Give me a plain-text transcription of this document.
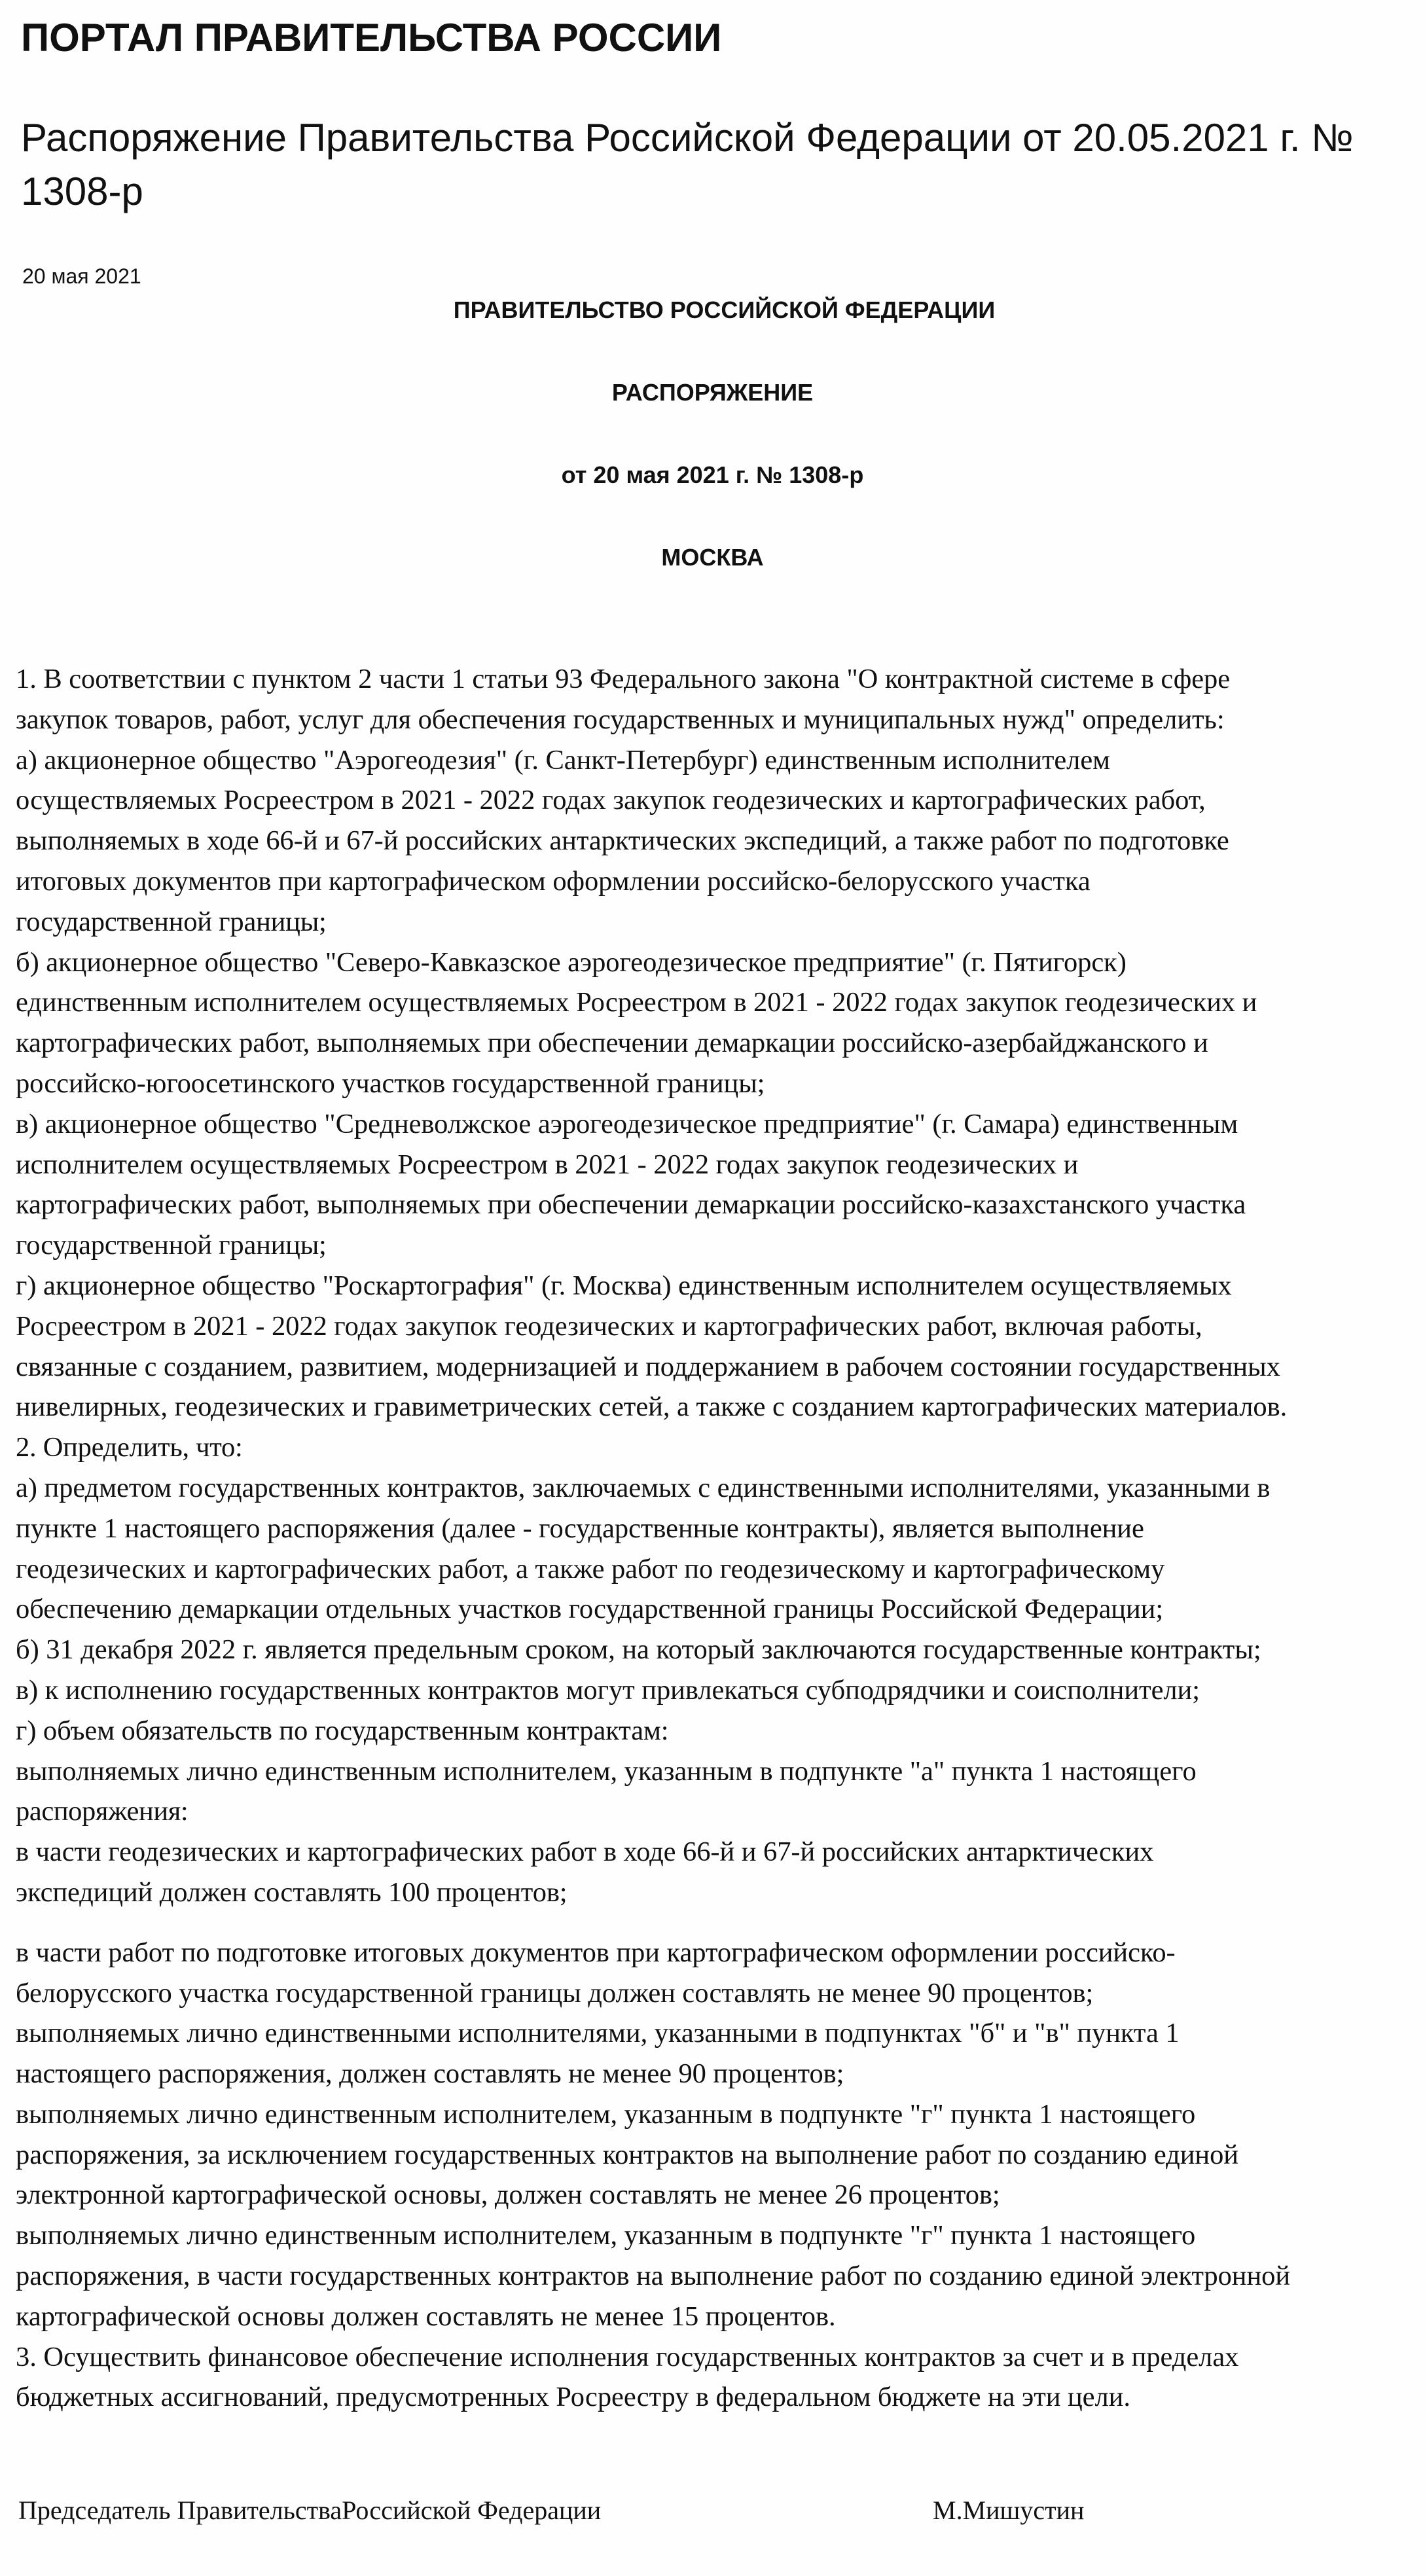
ПОРТАЛ ПРАВИТЕЛЬСТВА РОССИИ
Распоряжение Правительства Российской Федерации от 20.05.2021 г. № 1308-р
20 мая 2021
ПРАВИТЕЛЬСТВО РОССИЙСКОЙ ФЕДЕРАЦИИ
РАСПОРЯЖЕНИЕ
от 20 мая 2021 г. № 1308-р
МОСКВА
1. В соответствии с пунктом 2 части 1 статьи 93 Федерального закона "О контрактной системе в сфере
закупок товаров, работ, услуг для обеспечения государственных и муниципальных нужд" определить:
а) акционерное общество "Аэрогеодезия" (г. Санкт-Петербург) единственным исполнителем
осуществляемых Росреестром в 2021 - 2022 годах закупок геодезических и картографических работ,
выполняемых в ходе 66-й и 67-й российских антарктических экспедиций, а также работ по подготовке
итоговых документов при картографическом оформлении российско-белорусского участка
государственной границы;
б) акционерное общество "Северо-Кавказское аэрогеодезическое предприятие" (г. Пятигорск)
единственным исполнителем осуществляемых Росреестром в 2021 - 2022 годах закупок геодезических и
картографических работ, выполняемых при обеспечении демаркации российско-азербайджанского и
российско-югоосетинского участков государственной границы;
в) акционерное общество "Средневолжское аэрогеодезическое предприятие" (г. Самара) единственным
исполнителем осуществляемых Росреестром в 2021 - 2022 годах закупок геодезических и
картографических работ, выполняемых при обеспечении демаркации российско-казахстанского участка
государственной границы;
г) акционерное общество "Роскартография" (г. Москва) единственным исполнителем осуществляемых
Росреестром в 2021 - 2022 годах закупок геодезических и картографических работ, включая работы,
связанные с созданием, развитием, модернизацией и поддержанием в рабочем состоянии государственных
нивелирных, геодезических и гравиметрических сетей, а также с созданием картографических материалов.
2. Определить, что:
а) предметом государственных контрактов, заключаемых с единственными исполнителями, указанными в
пункте 1 настоящего распоряжения (далее - государственные контракты), является выполнение
геодезических и картографических работ, а также работ по геодезическому и картографическому
обеспечению демаркации отдельных участков государственной границы Российской Федерации;
б) 31 декабря 2022 г. является предельным сроком, на который заключаются государственные контракты;
в) к исполнению государственных контрактов могут привлекаться субподрядчики и соисполнители;
г) объем обязательств по государственным контрактам:
выполняемых лично единственным исполнителем, указанным в подпункте "а" пункта 1 настоящего
распоряжения:
в части геодезических и картографических работ в ходе 66-й и 67-й российских антарктических
экспедиций должен составлять 100 процентов;
в части работ по подготовке итоговых документов при картографическом оформлении российско-
белорусского участка государственной границы должен составлять не менее 90 процентов;
выполняемых лично единственными исполнителями, указанными в подпунктах "б" и "в" пункта 1
настоящего распоряжения, должен составлять не менее 90 процентов;
выполняемых лично единственным исполнителем, указанным в подпункте "г" пункта 1 настоящего
распоряжения, за исключением государственных контрактов на выполнение работ по созданию единой
электронной картографической основы, должен составлять не менее 26 процентов;
выполняемых лично единственным исполнителем, указанным в подпункте "г" пункта 1 настоящего
распоряжения, в части государственных контрактов на выполнение работ по созданию единой электронной
картографической основы должен составлять не менее 15 процентов.
3. Осуществить финансовое обеспечение исполнения государственных контрактов за счет и в пределах
бюджетных ассигнований, предусмотренных Росреестру в федеральном бюджете на эти цели.
Председатель ПравительстваРоссийской Федерации	М.Мишустин
